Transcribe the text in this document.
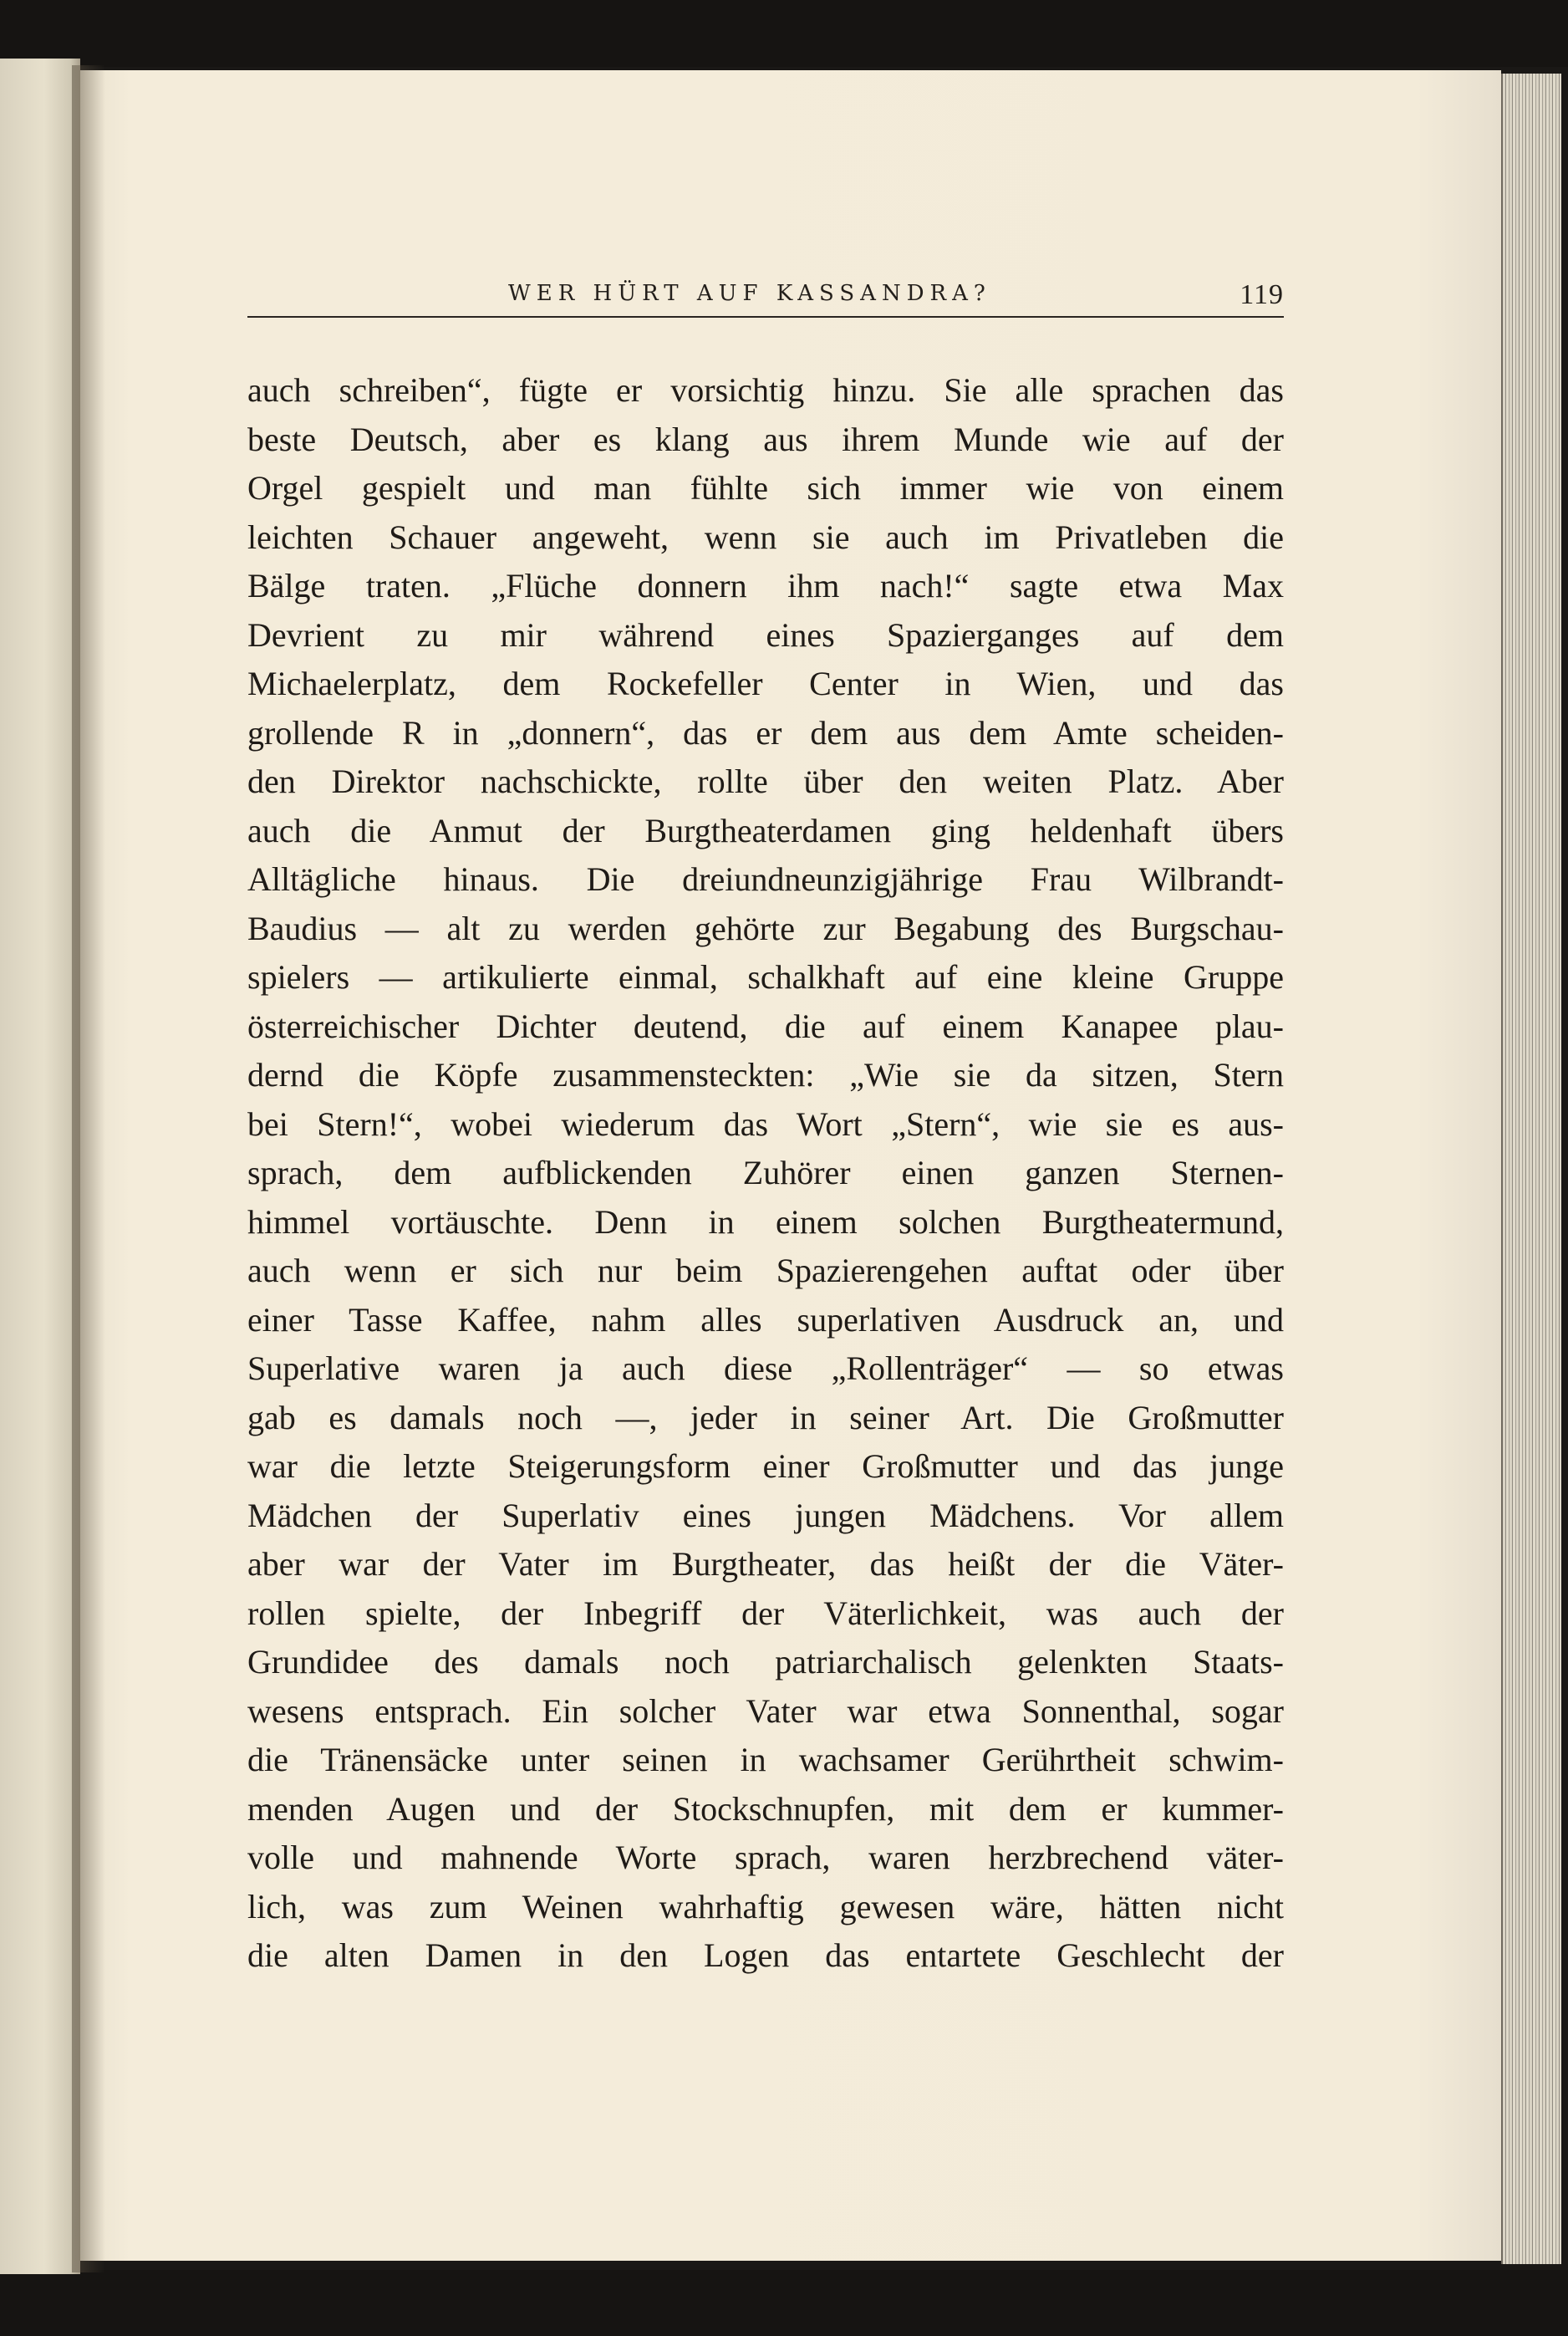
WER HÜRT AUF KASSANDRA?	119
auch schreiben“, fügte er vorsichtig hinzu. Sie alle sprachen das
beste Deutsch, aber es klang aus ihrem Munde wie auf der
Orgel gespielt und man fühlte sich immer wie von einem
leichten Schauer angeweht, wenn sie auch im Privatleben die
Bälge traten. „Flüche donnern ihm nach!“ sagte etwa Max
Devrient zu mir während eines Spazierganges auf dem
Michaelerplatz, dem Rockefeller Center in Wien, und das
grollende R in „donnern“, das er dem aus dem Amte scheiden-
den Direktor nachschickte, rollte über den weiten Platz. Aber
auch die Anmut der Burgtheaterdamen ging heldenhaft übers
Alltägliche hinaus. Die dreiundneunzigjährige Frau Wilbrandt-
Baudius — alt zu werden gehörte zur Begabung des Burgschau-
spielers — artikulierte einmal, schalkhaft auf eine kleine Gruppe
österreichischer Dichter deutend, die auf einem Kanapee plau-
dernd die Köpfe zusammensteckten: „Wie sie da sitzen, Stern
bei Stern!“, wobei wiederum das Wort „Stern“, wie sie es aus-
sprach, dem aufblickenden Zuhörer einen ganzen Sternen-
himmel vortäuschte. Denn in einem solchen Burgtheatermund,
auch wenn er sich nur beim Spazierengehen auftat oder über
einer Tasse Kaffee, nahm alles superlativen Ausdruck an, und
Superlative waren ja auch diese „Rollenträger“ — so etwas
gab es damals noch —, jeder in seiner Art. Die Großmutter
war die letzte Steigerungsform einer Großmutter und das junge
Mädchen der Superlativ eines jungen Mädchens. Vor allem
aber war der Vater im Burgtheater, das heißt der die Väter-
rollen spielte, der Inbegriff der Väterlichkeit, was auch der
Grundidee des damals noch patriarchalisch gelenkten Staats-
wesens entsprach. Ein solcher Vater war etwa Sonnenthal, sogar
die Tränensäcke unter seinen in wachsamer Gerührtheit schwim-
menden Augen und der Stockschnupfen, mit dem er kummer-
volle und mahnende Worte sprach, waren herzbrechend väter-
lich, was zum Weinen wahrhaftig gewesen wäre, hätten nicht
die alten Damen in den Logen das entartete Geschlecht der
